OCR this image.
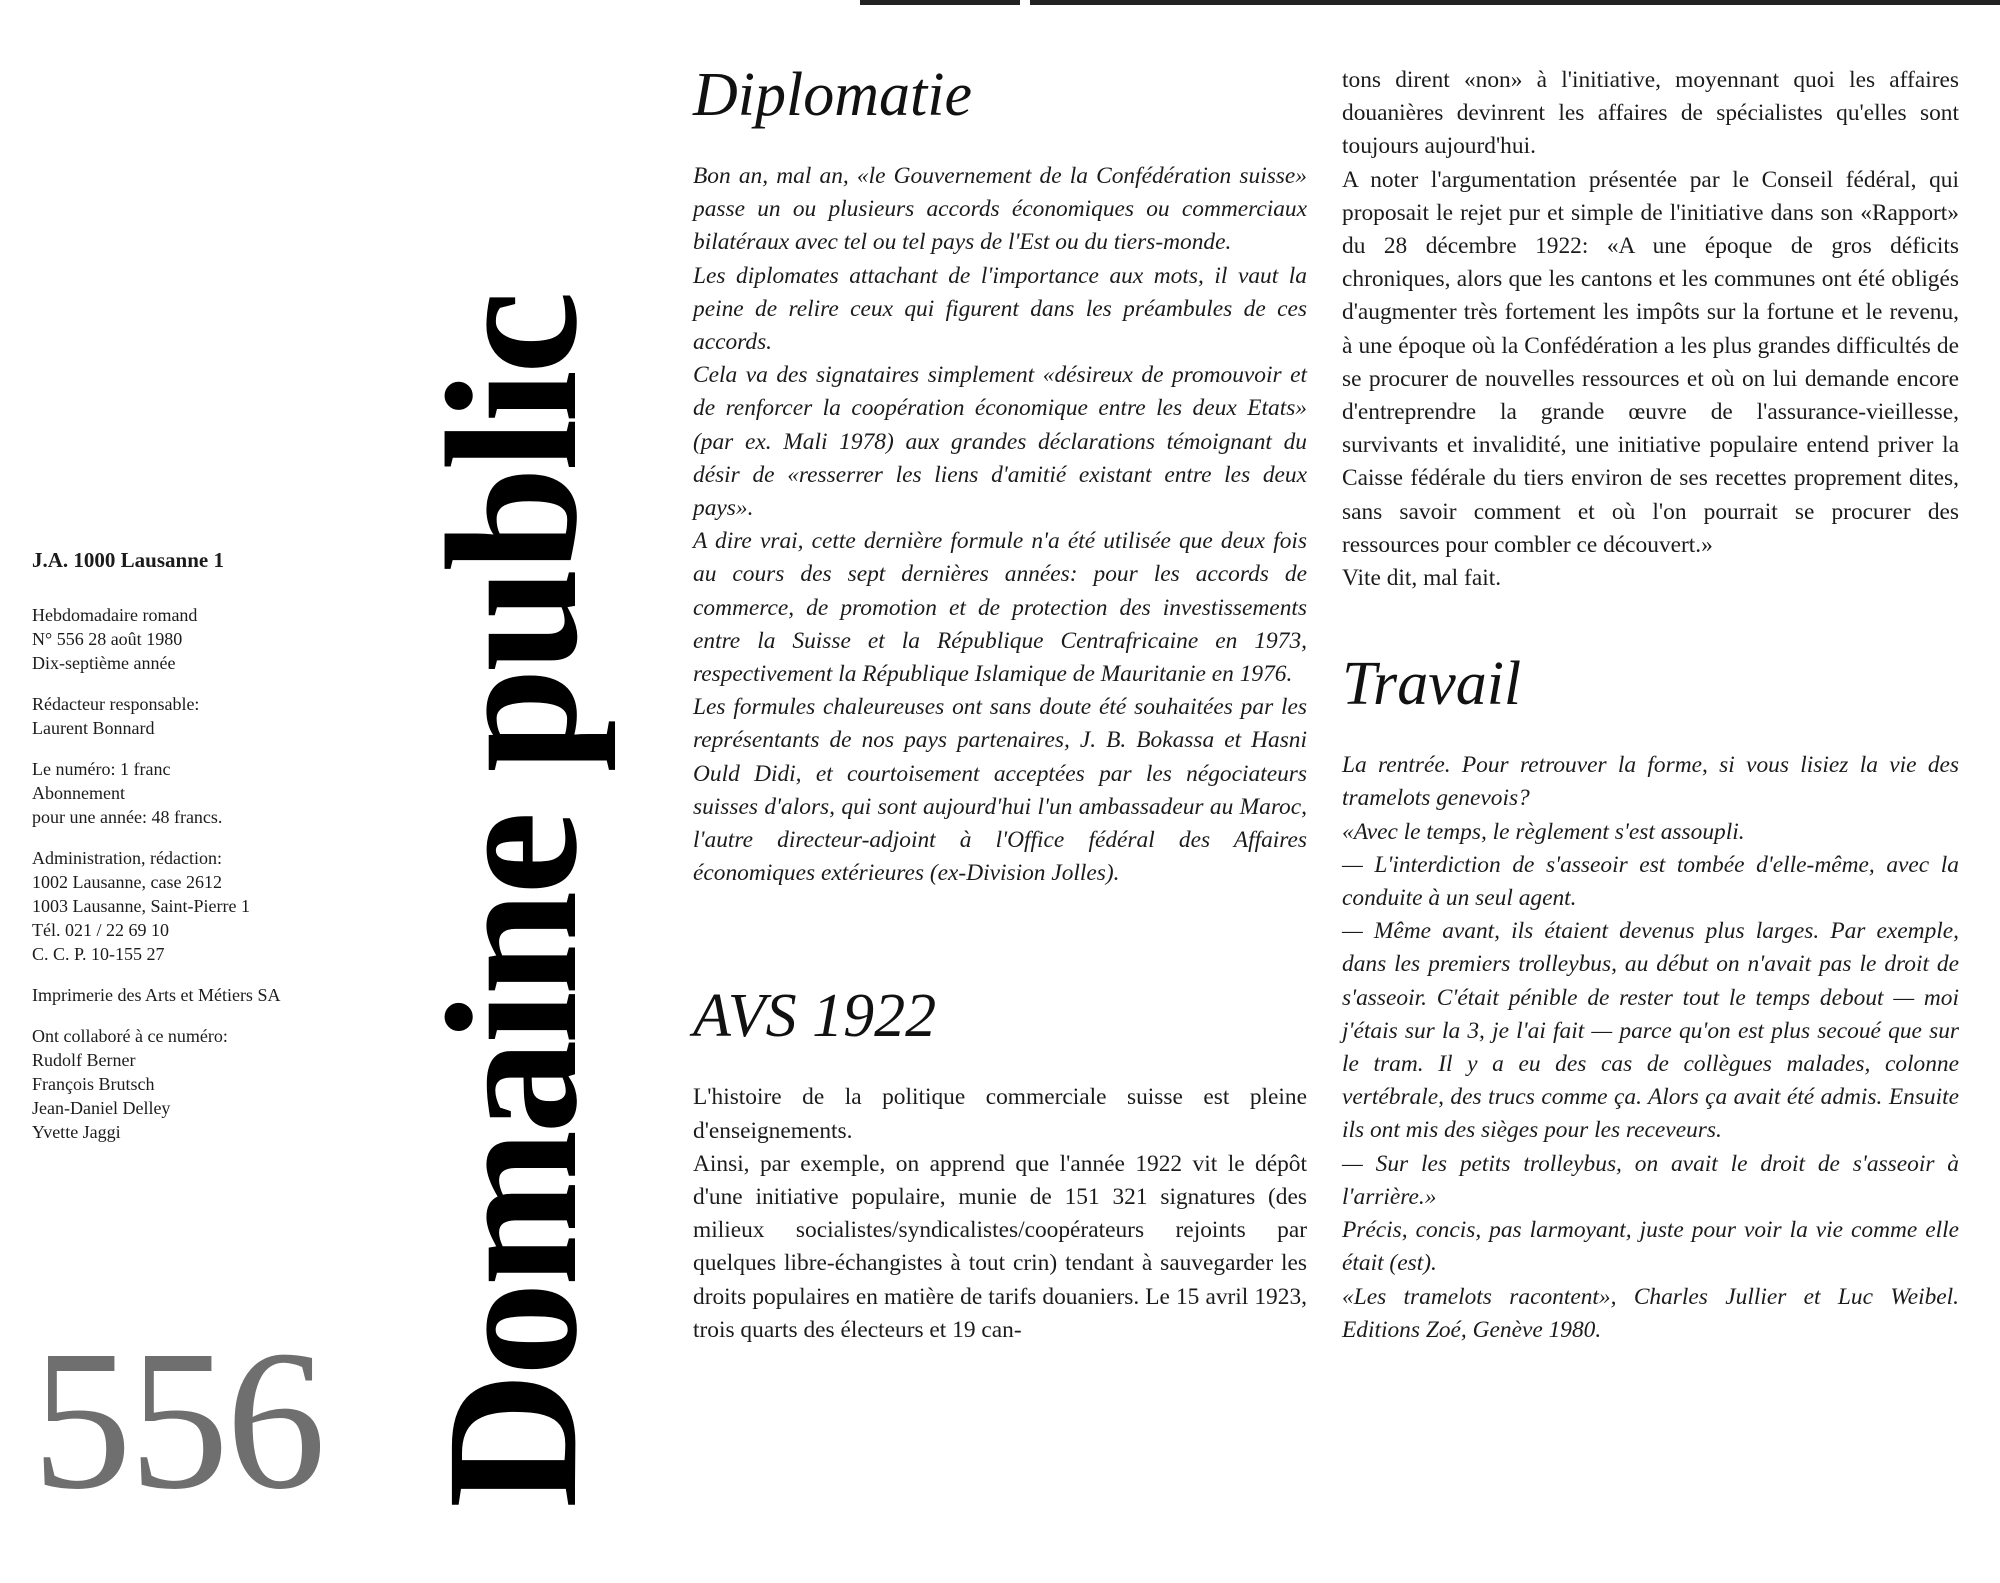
J.A. 1000 Lausanne 1
Hebdomadaire romand
N° 556 28 août 1980
Dix-septième année
Rédacteur responsable:
Laurent Bonnard
Le numéro: 1 franc
Abonnement
pour une année: 48 francs.
Administration, rédaction:
1002 Lausanne, case 2612
1003 Lausanne, Saint-Pierre 1
Tél. 021 / 22 69 10
C. C. P. 10-155 27
Imprimerie des Arts et Métiers SA
Ont collaboré à ce numéro:
Rudolf Berner
François Brutsch
Jean-Daniel Delley
Yvette Jaggi
556 Domaine public
Diplomatie

Bon an, mal an, «le Gouvernement de la Confédération suisse» passe un ou plusieurs accords économiques ou commerciaux bilatéraux avec tel ou tel pays de l'Est ou du tiers-monde.

Les diplomates attachant de l'importance aux mots, il vaut la peine de relire ceux qui figurent dans les préambules de ces accords.

Cela va des signataires simplement «désireux de promouvoir et de renforcer la coopération économique entre les deux Etats» (par ex. Mali 1978) aux grandes déclarations témoignant du désir de «resserrer les liens d'amitié existant entre les deux pays».

A dire vrai, cette dernière formule n'a été utilisée que deux fois au cours des sept dernières années: pour les accords de commerce, de promotion et de protection des investissements entre la Suisse et la République Centrafricaine en 1973, respectivement la République Islamique de Mauritanie en 1976.

Les formules chaleureuses ont sans doute été souhaitées par les représentants de nos pays partenaires, J. B. Bokassa et Hasni Ould Didi, et courtoisement acceptées par les négociateurs suisses d'alors, qui sont aujourd'hui l'un ambassadeur au Maroc, l'autre directeur-adjoint à l'Office fédéral des Affaires économiques extérieures (ex-Division Jolles).

AVS 1922

L'histoire de la politique commerciale suisse est pleine d'enseignements.

Ainsi, par exemple, on apprend que l'année 1922 vit le dépôt d'une initiative populaire, munie de 151 321 signatures (des milieux socialistes/syndicalistes/coopérateurs rejoints par quelques libre-échangistes à tout crin) tendant à sauvegarder les droits populaires en matière de tarifs douaniers. Le 15 avril 1923, trois quarts des électeurs et 19 can-

tons dirent «non» à l'initiative, moyennant quoi les affaires douanières devinrent les affaires de spécialistes qu'elles sont toujours aujourd'hui.

A noter l'argumentation présentée par le Conseil fédéral, qui proposait le rejet pur et simple de l'initiative dans son «Rapport» du 28 décembre 1922: «A une époque de gros déficits chroniques, alors que les cantons et les communes ont été obligés d'augmenter très fortement les impôts sur la fortune et le revenu, à une époque où la Confédération a les plus grandes difficultés de se procurer de nouvelles ressources et où on lui demande encore d'entreprendre la grande œuvre de l'assurance-vieillesse, survivants et invalidité, une initiative populaire entend priver la Caisse fédérale du tiers environ de ses recettes proprement dites, sans savoir comment et où l'on pourrait se procurer des ressources pour combler ce découvert.»

Vite dit, mal fait.

Travail

La rentrée. Pour retrouver la forme, si vous lisiez la vie des tramelots genevois?

«Avec le temps, le règlement s'est assoupli.

— L'interdiction de s'asseoir est tombée d'elle-même, avec la conduite à un seul agent.

— Même avant, ils étaient devenus plus larges. Par exemple, dans les premiers trolleybus, au début on n'avait pas le droit de s'asseoir. C'était pénible de rester tout le temps debout — moi j'étais sur la 3, je l'ai fait — parce qu'on est plus secoué que sur le tram. Il y a eu des cas de collègues malades, colonne vertébrale, des trucs comme ça. Alors ça avait été admis. Ensuite ils ont mis des sièges pour les receveurs.

— Sur les petits trolleybus, on avait le droit de s'asseoir à l'arrière.»

Précis, concis, pas larmoyant, juste pour voir la vie comme elle était (est).

«Les tramelots racontent», Charles Jullier et Luc Weibel. Editions Zoé, Genève 1980.
